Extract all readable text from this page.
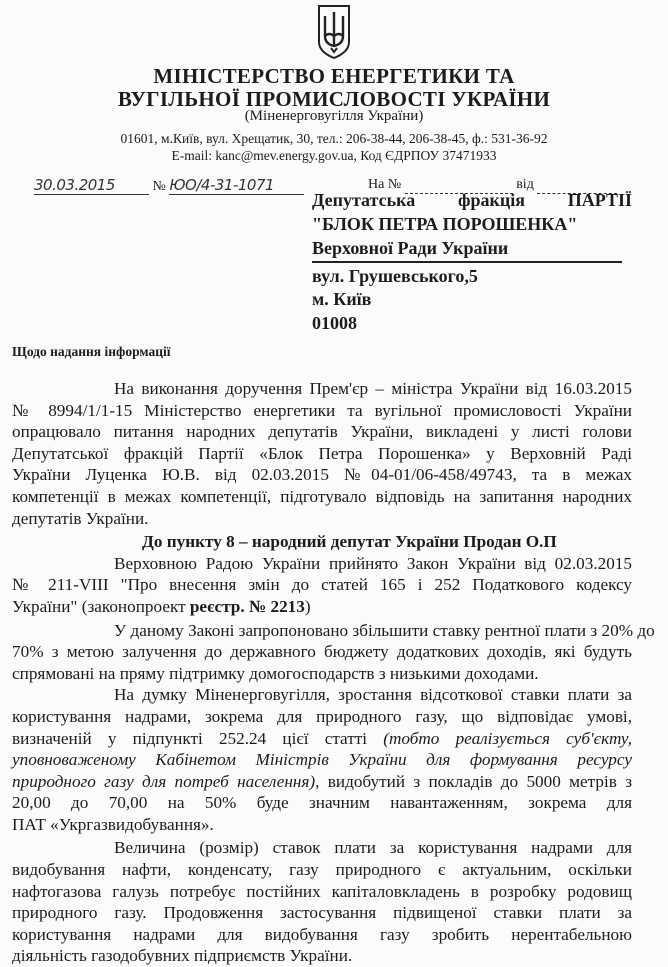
МІНІСТЕРСТВО ЕНЕРГЕТИКИ ТА
ВУГІЛЬНОЇ ПРОМИСЛОВОСТІ УКРАЇНИ
(Міненерговугілля України)
01601, м.Київ, вул. Хрещатик, 30, тел.: 206-38-44, 206-38-45, ф.: 531-36-92
E-mail: kanc@mev.energy.gov.ua, Код ЄДРПОУ 37471933
30.03.2015	№ ЮО/4-31-1071	На №	від
Депутатська фракція ПАРТІЇ
"БЛОК ПЕТРА ПОРОШЕНКА"
Верховної Ради України
вул. Грушевського,5
м. Київ
01008
Щодо надання інформації
На виконання доручення Прем'єр – міністра України від 16.03.2015
№ 8994/1/1-15 Міністерство енергетики та вугільної промисловості України
опрацювало питання народних депутатів України, викладені у листі голови
Депутатської фракцій Партії «Блок Петра Порошенка» у Верховній Раді
України Луценка Ю.В. від 02.03.2015 №04-01/06-458/49743, та в межах
компетенції в межах компетенції, підготувало відповідь на запитання народних
депутатів України.
До пункту 8 – народний депутат України Продан О.П
Верховною Радою України прийнято Закон України від 02.03.2015
№ 211-VIII "Про внесення змін до статей 165 і 252 Податкового кодексу
України" (законопроект реєстр. № 2213)
У даному Законі запропоновано збільшити ставку рентної плати з 20% до
70% з метою залучення до державного бюджету додаткових доходів, які будуть
спрямовані на пряму підтримку домогосподарств з низькими доходами.
На думку Міненерговугілля, зростання відсоткової ставки плати за
користування надрами, зокрема для природного газу, що відповідає умові,
визначеній у підпункті 252.24 цієї статті (тобто реалізується суб'єкту,
уповноваженому Кабінетом Міністрів України для формування ресурсу
природного газу для потреб населення), видобутий з покладів до 5000 метрів з
20,00 до 70,00 на 50% буде значним навантаженням, зокрема для
ПАТ «Укргазвидобування».
Величина (розмір) ставок плати за користування надрами для
видобування нафти, конденсату, газу природного є актуальним, оскільки
нафтогазова галузь потребує постійних капіталовкладень в розробку родовищ
природного газу. Продовження застосування підвищеної ставки плати за
користування надрами для видобування газу зробить нерентабельною
діяльність газодобувних підприємств України.
